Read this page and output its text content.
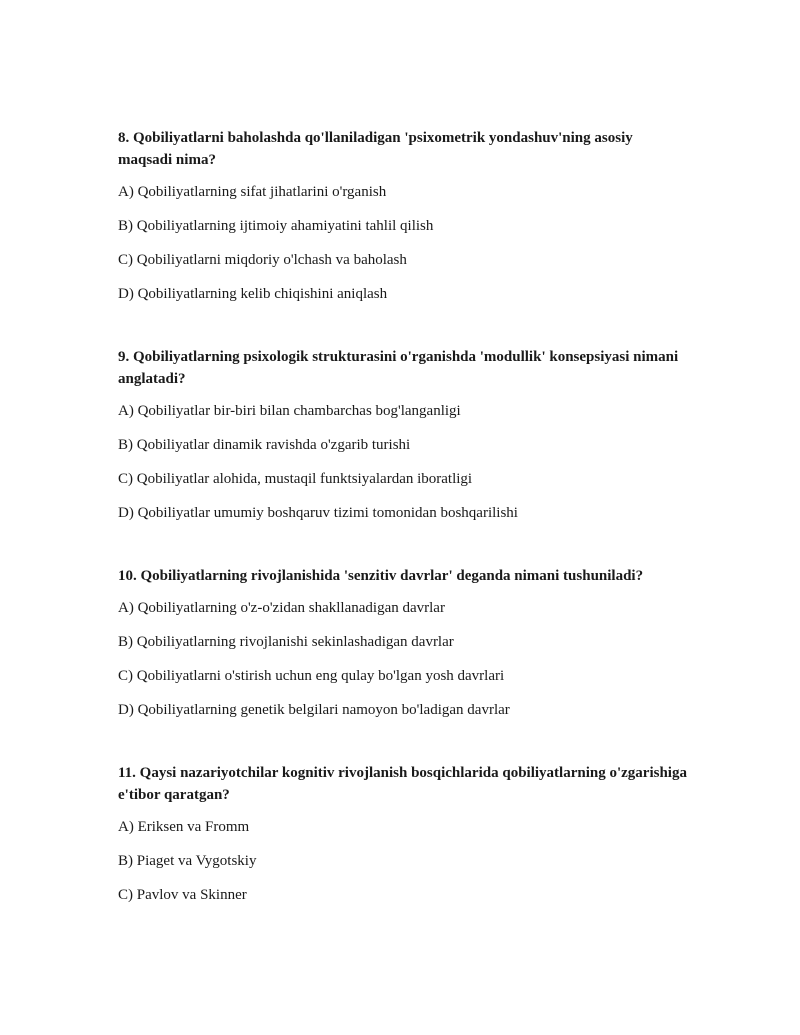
8. Qobiliyatlarni baholashda qo'llaniladigan 'psixometrik yondashuv'ning asosiy maqsadi nima?

A) Qobiliyatlarning sifat jihatlarini o'rganish

B) Qobiliyatlarning ijtimoiy ahamiyatini tahlil qilish

C) Qobiliyatlarni miqdoriy o'lchash va baholash

D) Qobiliyatlarning kelib chiqishini aniqlash

9. Qobiliyatlarning psixologik strukturasini o'rganishda 'modullik' konsepsiyasi nimani anglatadi?

A) Qobiliyatlar bir-biri bilan chambarchas bog'langanligi

B) Qobiliyatlar dinamik ravishda o'zgarib turishi

C) Qobiliyatlar alohida, mustaqil funktsiyalardan iboratligi

D) Qobiliyatlar umumiy boshqaruv tizimi tomonidan boshqarilishi

10. Qobiliyatlarning rivojlanishida 'senzitiv davrlar' deganda nimani tushuniladi?

A) Qobiliyatlarning o'z-o'zidan shakllanadigan davrlar

B) Qobiliyatlarning rivojlanishi sekinlashadigan davrlar

C) Qobiliyatlarni o'stirish uchun eng qulay bo'lgan yosh davrlari

D) Qobiliyatlarning genetik belgilari namoyon bo'ladigan davrlar

11. Qaysi nazariyotchilar kognitiv rivojlanish bosqichlarida qobiliyatlarning o'zgarishiga e'tibor qaratgan?

A) Eriksen va Fromm

B) Piaget va Vygotskiy

C) Pavlov va Skinner
